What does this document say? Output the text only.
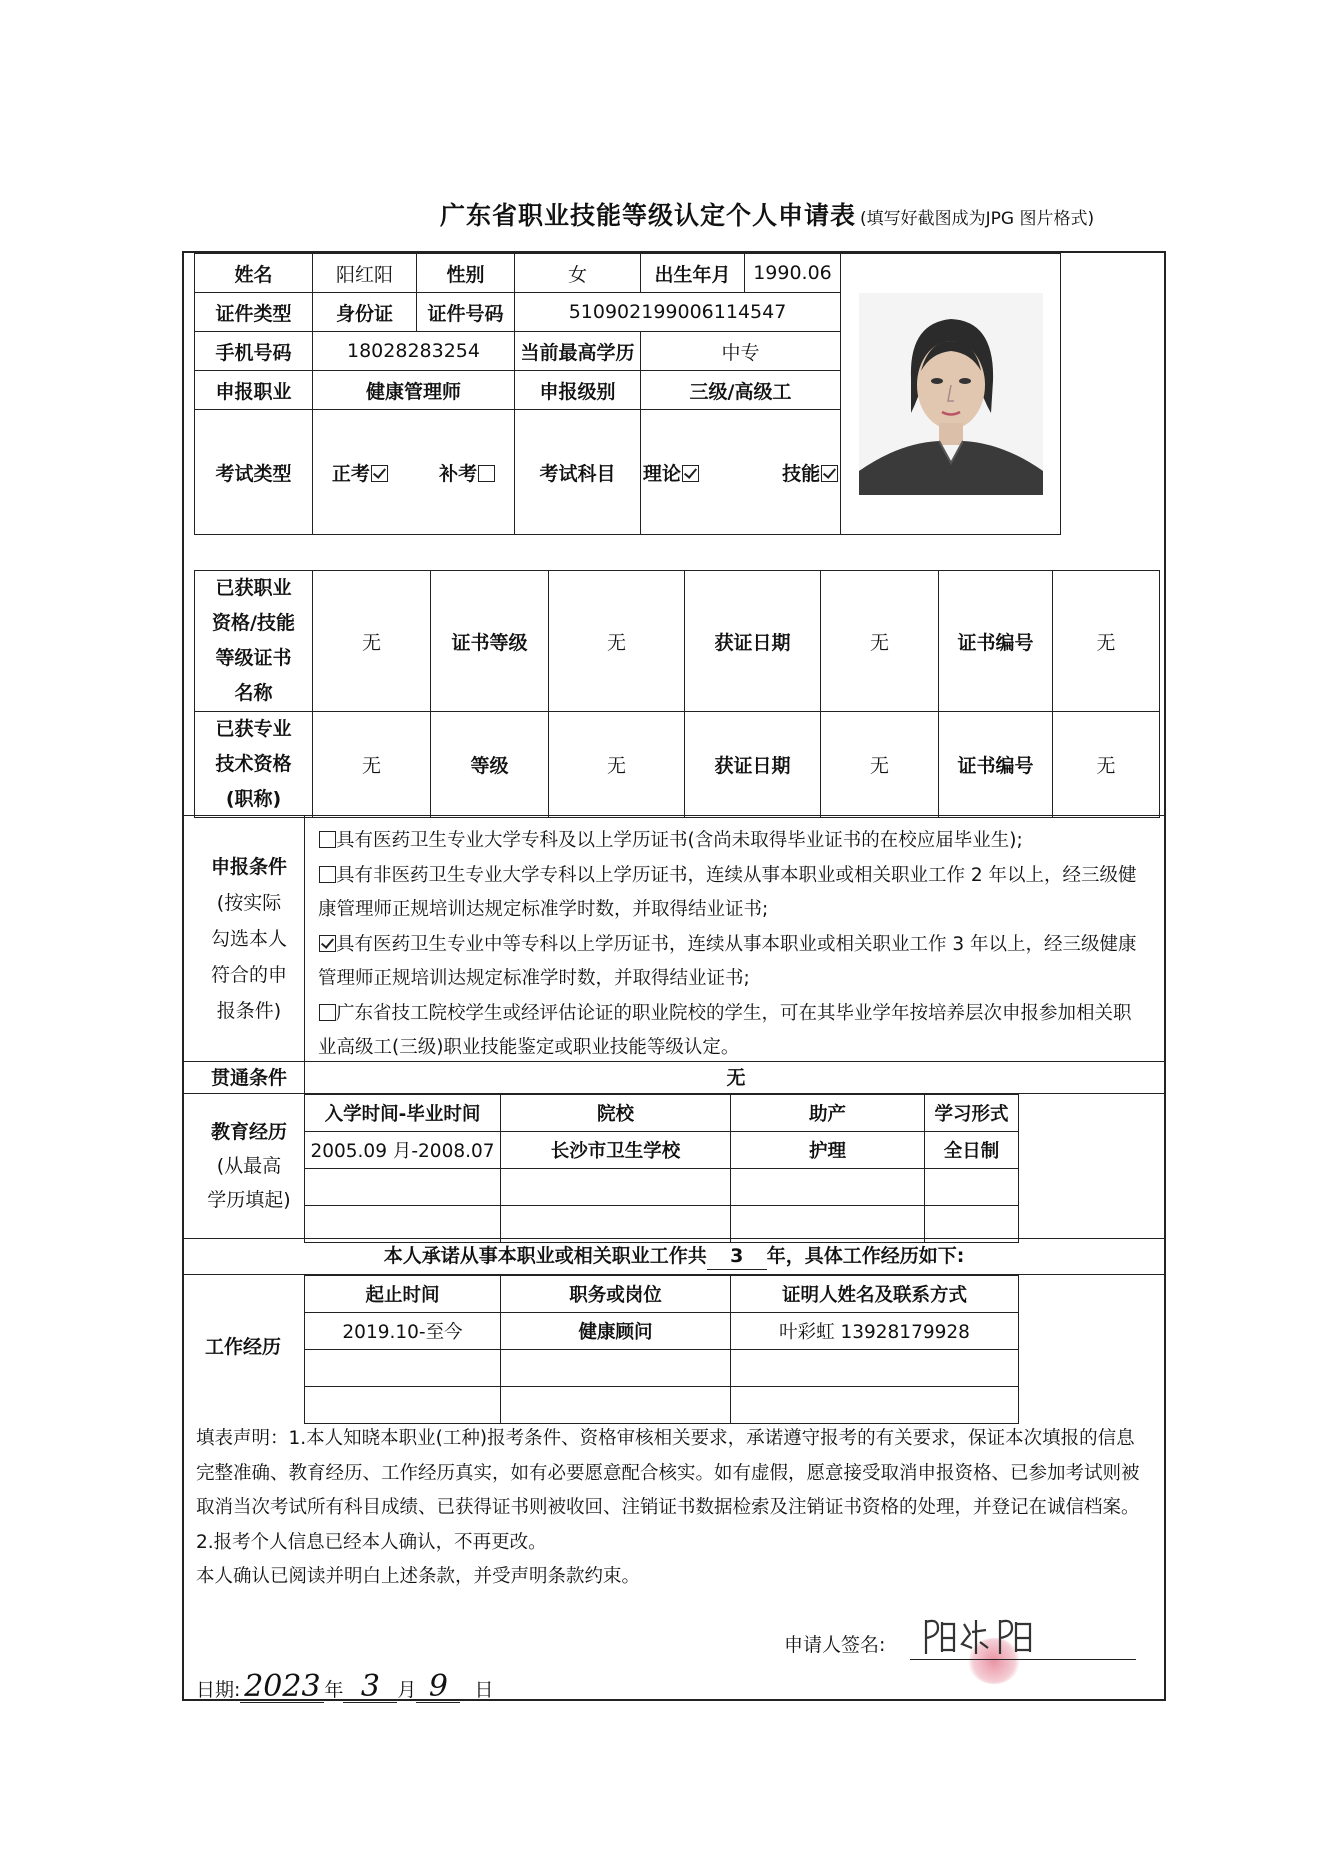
广东省职业技能等级认定个人申请表 (填写好截图成为JPG 图片格式)
姓名	阳红阳	性别	女	出生年月	1990.06	

证件类型	身份证	证件号码	510902199006114547			
手机号码	18028283254		当前最高学历	中专		
申报职业	健康管理师		申报级别	三级/高级工		
考试类型	正考 补考		考试科目	理论 技能		
已获职业
资格/技能
等级证书
名称	无	证书等级	无	获证日期	无	证书编号	无

已获专业
技术资格
(职称)	无	等级	无	获证日期	无	证书编号	无
申报条件
(按实际
勾选本人
符合的申
报条件)

具有医药卫生专业大学专科及以上学历证书(含尚未取得毕业证书的在校应届毕业生);

具有非医药卫生专业大学专科以上学历证书，连续从事本职业或相关职业工作 2 年以上，经三级健康管理师正规培训达规定标准学时数，并取得结业证书;

具有医药卫生专业中等专科以上学历证书，连续从事本职业或相关职业工作 3 年以上，经三级健康管理师正规培训达规定标准学时数，并取得结业证书;

广东省技工院校学生或经评估论证的职业院校的学生，可在其毕业学年按培养层次申报参加相关职业高级工(三级)职业技能鉴定或职业技能等级认定。

贯通条件	无
教育经历
(从最高
学历填起)
入学时间-毕业时间	院校	助产	学习形式
2005.09 月-2008.07	长沙市卫生学校	护理	全日制

本人承诺从事本职业或相关职业工作共 3 年，具体工作经历如下:
工作经历
起止时间	职务或岗位	证明人姓名及联系方式
2019.10-至今	健康顾问	叶彩虹 13928179928

填表声明：1.本人知晓本职业(工种)报考条件、资格审核相关要求，承诺遵守报考的有关要求，保证本次填报的信息完整准确、教育经历、工作经历真实，如有必要愿意配合核实。如有虚假，愿意接受取消申报资格、已参加考试则被取消当次考试所有科目成绩、已获得证书则被收回、注销证书数据检索及注销证书资格的处理，并登记在诚信档案。2.报考个人信息已经本人确认，不再更改。

本人确认已阅读并明白上述条款，并受声明条款约束。

申请人签名:
日期: 2023 年 3 月 9 日
